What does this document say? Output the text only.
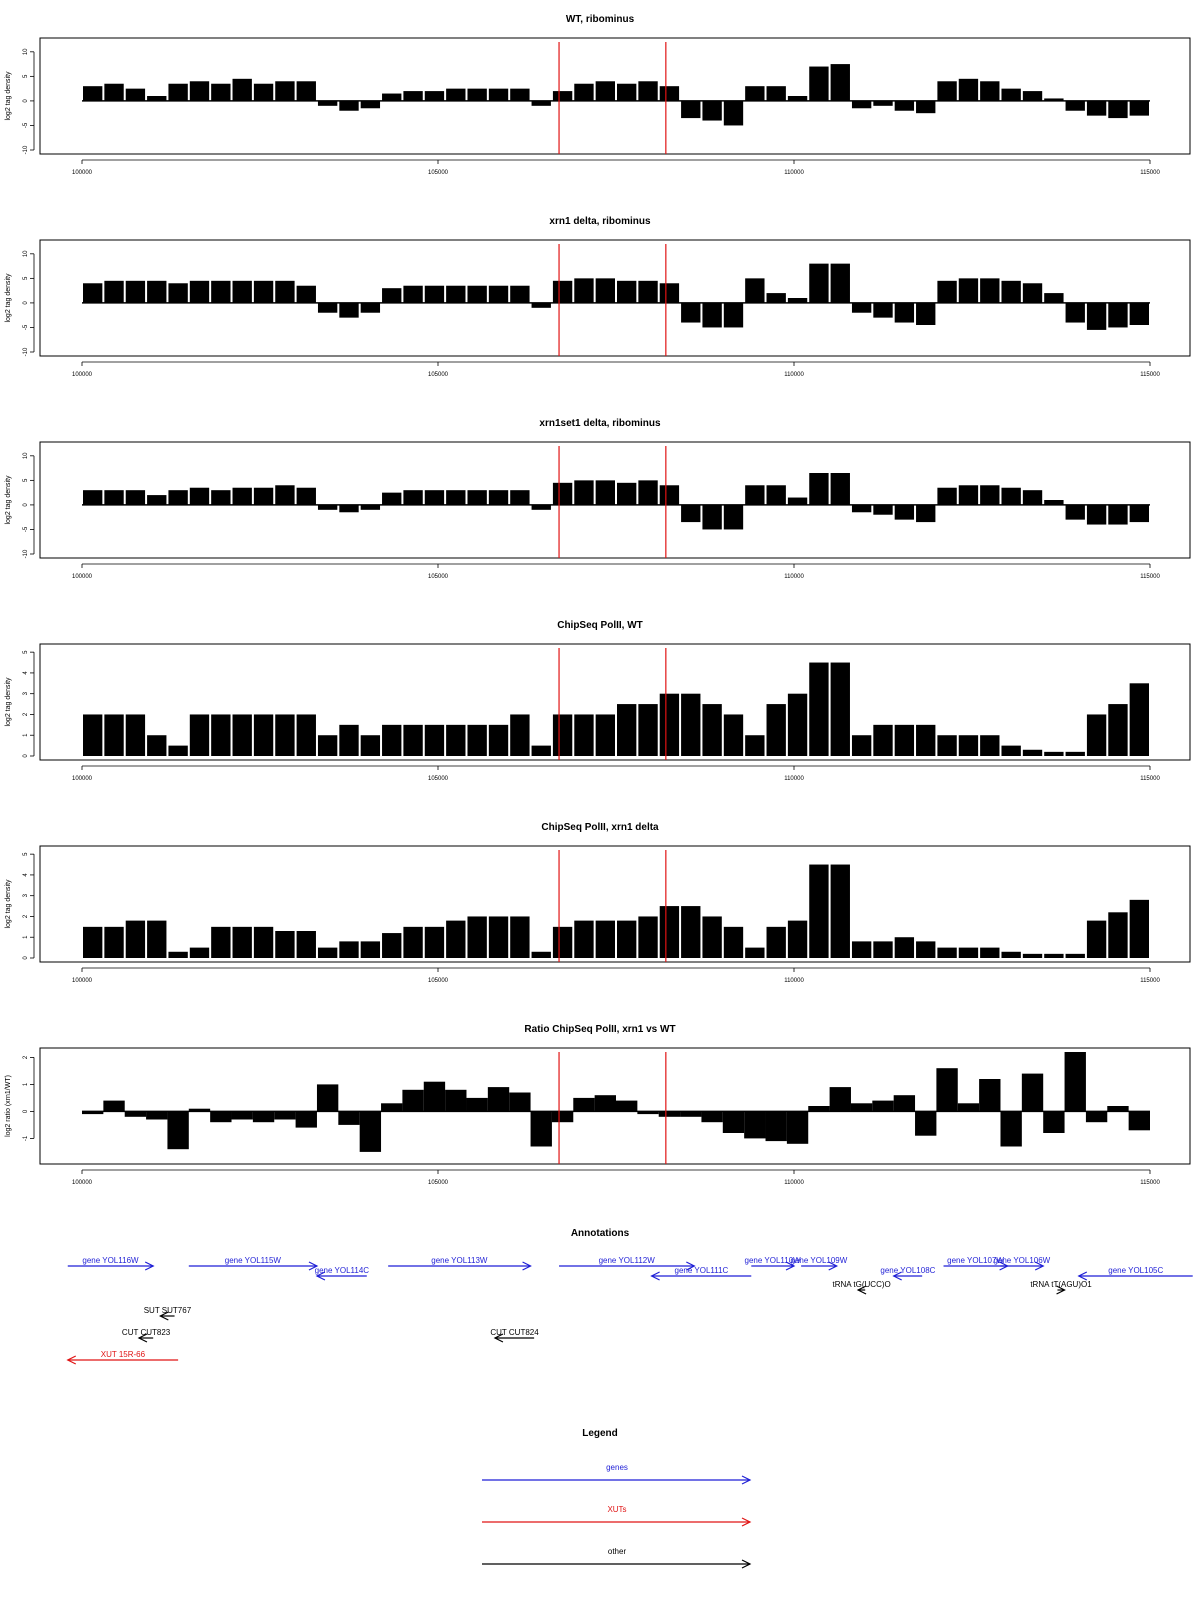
WT, ribominus
-10
-5
0
5
10
log2 tag density
100000	105000	110000	115000
xrn1 delta, ribominus
-10
-5
0
5
10
log2 tag density
100000	105000	110000	115000
xrn1set1 delta, ribominus
-10
-5
0
5
10
log2 tag density
100000	105000	110000	115000
ChipSeq PolII, WT
0
1
2
3
4
5
log2 tag density
100000	105000	110000	115000
ChipSeq PolII, xrn1 delta
0
1
2
3
4
5
log2 tag density
100000	105000	110000	115000
Ratio ChipSeq PolII, xrn1 vs WT
-1
0
1
2
log2 ratio (xrn1/WT)
100000	105000	110000	115000
Annotations
gene YOL116W	gene YOL115W
gene YOL114C
gene YOL113W	gene YOL112W
gene YOL111C
gene YOL110W
gene YOL109W
gene YOL108C
gene YOL107W
gene YOL106W
gene YOL105C
tRNA tG(UCC)O	tRNA tT(AGU)O1
SUT SUT767
CUT CUT823	CUT CUT824
XUT 15R-66
Legend
genes
XUTs
other
